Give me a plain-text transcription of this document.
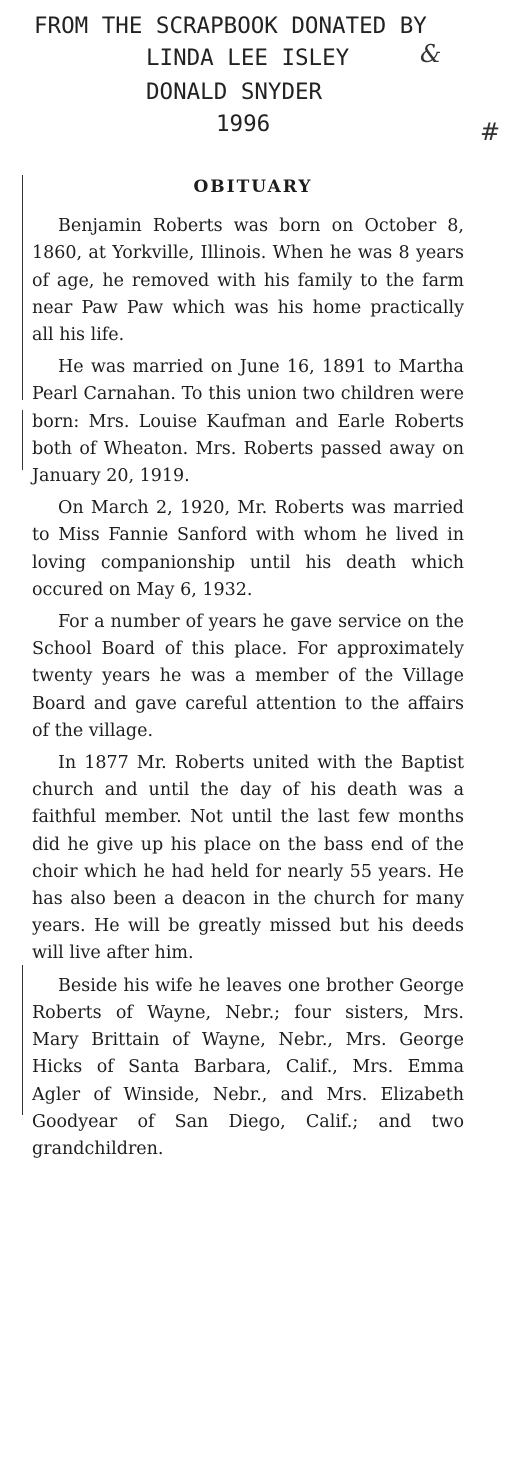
FROM THE SCRAPBOOK DONATED BY
LINDA LEE ISLEY	&
DONALD SNYDER
1996	#
OBITUARY

Benjamin Roberts was born on October 8, 1860, at Yorkville, Illinois. When he was 8 years of age, he removed with his family to the farm near Paw Paw which was his home practically all his life.

He was married on June 16, 1891 to Martha Pearl Carnahan. To this union two children were born: Mrs. Louise Kaufman and Earle Roberts both of Wheaton. Mrs. Roberts passed away on January 20, 1919.

On March 2, 1920, Mr. Roberts was married to Miss Fannie Sanford with whom he lived in loving companionship until his death which occured on May 6, 1932.

For a number of years he gave service on the School Board of this place. For approximately twenty years he was a member of the Village Board and gave careful attention to the affairs of the village.

In 1877 Mr. Roberts united with the Baptist church and until the day of his death was a faithful member. Not until the last few months did he give up his place on the bass end of the choir which he had held for nearly 55 years. He has also been a deacon in the church for many years. He will be greatly missed but his deeds will live after him.

Beside his wife he leaves one brother George Roberts of Wayne, Nebr.; four sisters, Mrs. Mary Brittain of Wayne, Nebr., Mrs. George Hicks of Santa Barbara, Calif., Mrs. Emma Agler of Winside, Nebr., and Mrs. Elizabeth Goodyear of San Diego, Calif.; and two grandchildren.
